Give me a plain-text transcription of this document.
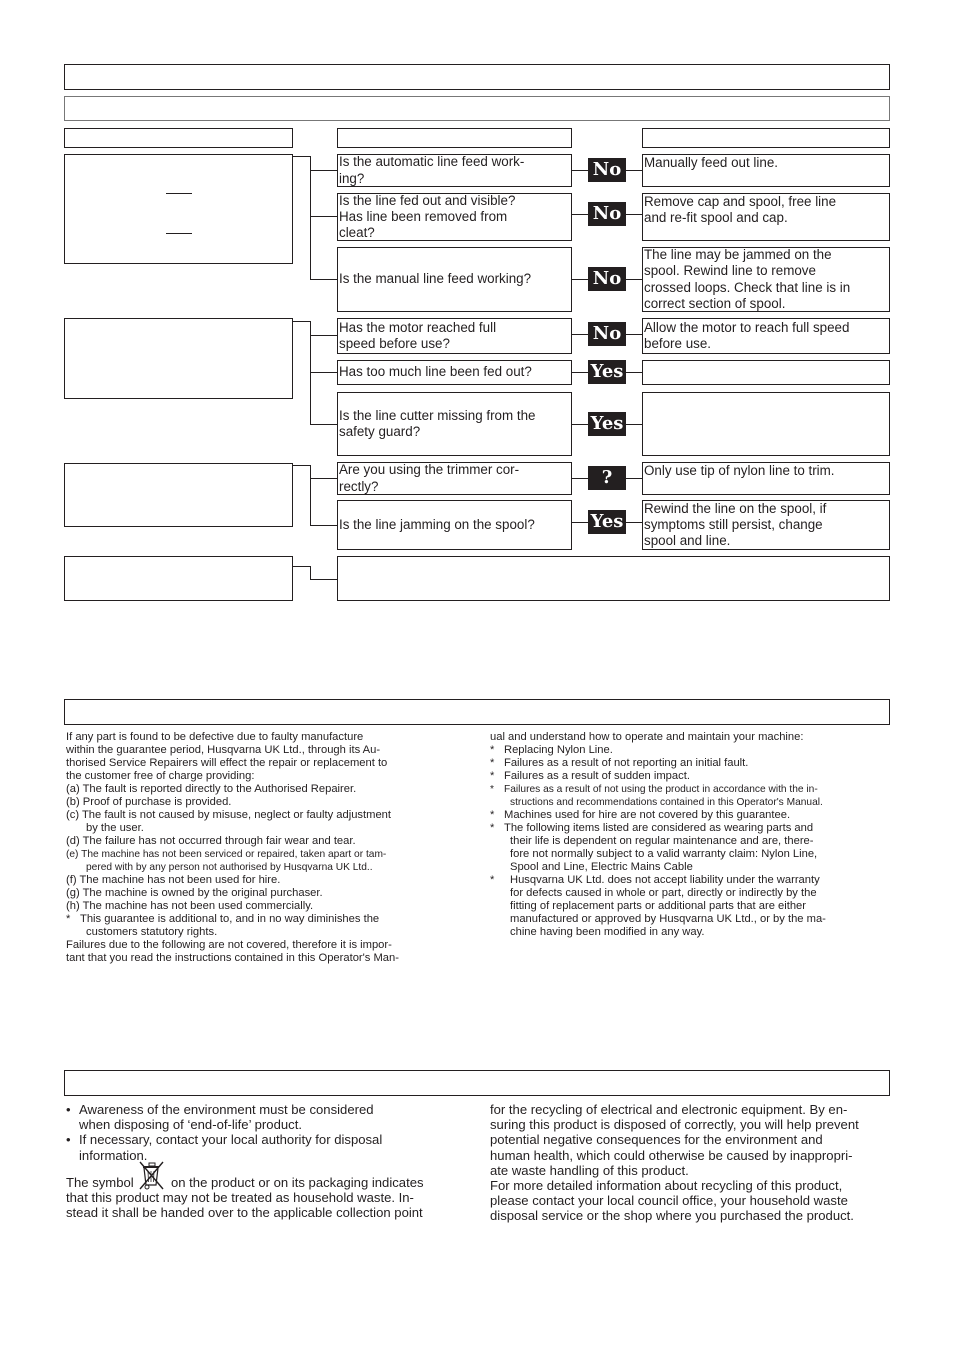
Is the automatic line feed work-
ing?
Is the line fed out and visible?
Has line been removed from
cleat?
Is the manual line feed working?
Has the motor reached full
speed before use?
Has too much line been fed out?
Is the line cutter missing from the
safety guard?
Are you using the trimmer cor-
rectly?
Is the line jamming on the spool?
No
No
No
No
Yes
Yes
?
Yes
Manually feed out line.
Remove cap and spool, free line
and re-fit spool and cap.
The line may be jammed on the
spool. Rewind line to remove
crossed loops. Check that line is in
correct section of spool.
Allow the motor to reach full speed
before use.
Only use tip of nylon line to trim.
Rewind the line on the spool, if
symptoms still persist, change
spool and line.
If any part is found to be defective due to faulty manufacture
within the guarantee period, Husqvarna UK Ltd., through its Au-
thorised Service Repairers will effect the repair or replacement to
the customer free of charge providing:
(a) The fault is reported directly to the Authorised Repairer.
(b) Proof of purchase is provided.
(c) The fault is not caused by misuse, neglect or faulty adjustment
by the user.
(d) The failure has not occurred through fair wear and tear.
(e) The machine has not been serviced or repaired, taken apart or tam-
pered with by any person not authorised by Husqvarna UK Ltd..
(f) The machine has not been used for hire.
(g) The machine is owned by the original purchaser.
(h) The machine has not been used commercially.
* This guarantee is additional to, and in no way diminishes the
customers statutory rights.
Failures due to the following are not covered, therefore it is impor-
tant that you read the instructions contained in this Operator's Man-
ual and understand how to operate and maintain your machine:
* Replacing Nylon Line.
* Failures as a result of not reporting an initial fault.
* Failures as a result of sudden impact.
* Failures as a result of not using the product in accordance with the in-
structions and recommendations contained in this Operator's Manual.
* Machines used for hire are not covered by this guarantee.
* The following items listed are considered as wearing parts and
their life is dependent on regular maintenance and are, there-
fore not normally subject to a valid warranty claim: Nylon Line,
Spool and Line, Electric Mains Cable
Husqvarna UK Ltd. does not accept liability under the warranty
for defects caused in whole or part, directly or indirectly by the
fitting of replacement parts or additional parts that are either
manufactured or approved by Husqvarna UK Ltd., or by the ma-
chine having been modified in any way.
• Awareness of the environment must be considered
when disposing of ‘end-of-life’ product.
• If necessary, contact your local authority for disposal
information.
The symbol	on the product or on its packaging indicates
that this product may not be treated as household waste. In-
stead it shall be handed over to the applicable collection point
for the recycling of electrical and electronic equipment. By en-
suring this product is disposed of correctly, you will help prevent
potential negative consequences for the environment and
human health, which could otherwise be caused by inappropri-
ate waste handling of this product.
For more detailed information about recycling of this product,
please contact your local council office, your household waste
disposal service or the shop where you purchased the product.
